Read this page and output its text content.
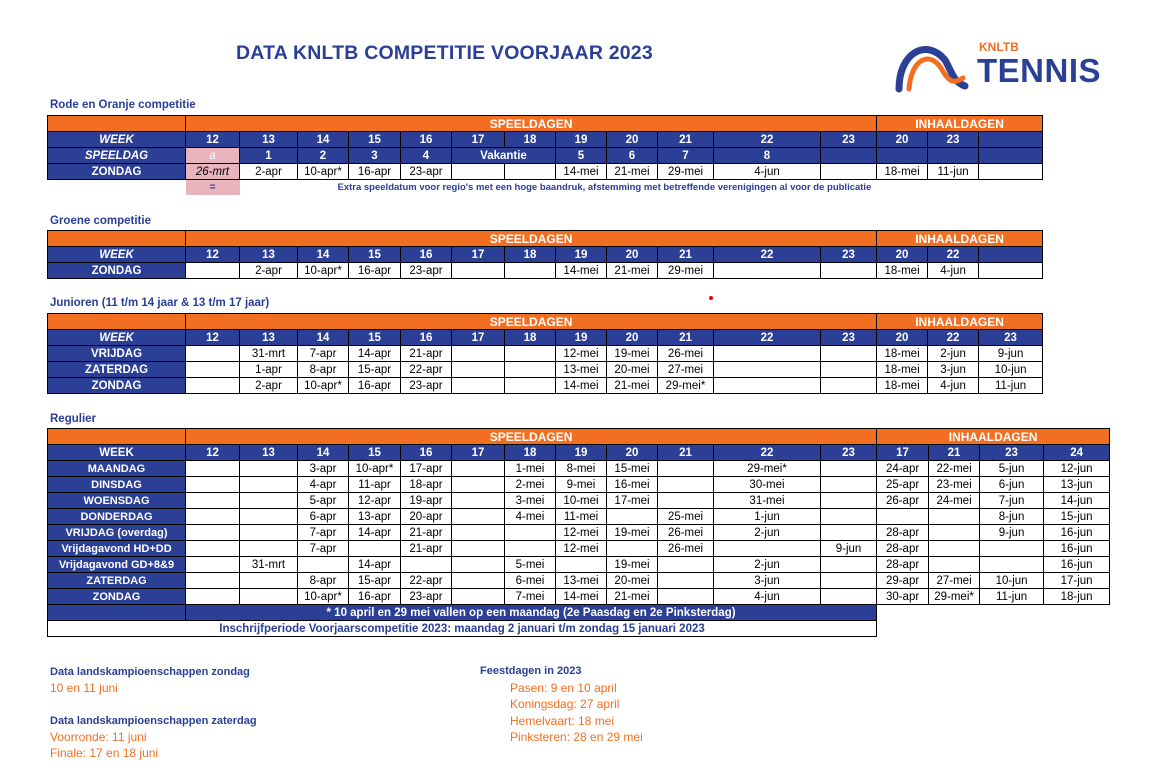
DATA KNLTB COMPETITIE VOORJAAR 2023	KNLTB
TENNIS
Rode en Oranje competitie
	SPEELDAGEN												INHAALDAGEN		
WEEK	12	13	14	15	16	17	18	19	20	21	22	23	20	23	
SPEELDAG	a	1	2	3	4	Vakantie		5	6	7	8				
ZONDAG	26-mrt	2-apr	10-apr*	16-apr	23-apr			14-mei	21-mei	29-mei	4-jun		18-mei	11-jun	
	=	Extra speeldatum voor regio's met een hoge baandruk, afstemming met betreffende verenigingen al voor de publicatie													
Groene competitie
	SPEELDAGEN												INHAALDAGEN		
WEEK	12	13	14	15	16	17	18	19	20	21	22	23	20	22	
ZONDAG		2-apr	10-apr*	16-apr	23-apr			14-mei	21-mei	29-mei			18-mei	4-jun	
Junioren (11 t/m 14 jaar & 13 t/m 17 jaar)
	SPEELDAGEN												INHAALDAGEN		
WEEK	12	13	14	15	16	17	18	19	20	21	22	23	20	22	23
VRIJDAG		31-mrt	7-apr	14-apr	21-apr			12-mei	19-mei	26-mei			18-mei	2-jun	9-jun
ZATERDAG		1-apr	8-apr	15-apr	22-apr			13-mei	20-mei	27-mei			18-mei	3-jun	10-jun
ZONDAG		2-apr	10-apr*	16-apr	23-apr			14-mei	21-mei	29-mei*			18-mei	4-jun	11-jun
Regulier
	SPEELDAGEN												INHAALDAGEN			
WEEK	12	13	14	15	16	17	18	19	20	21	22	23	17	21	23	24
MAANDAG			3-apr	10-apr*	17-apr		1-mei	8-mei	15-mei		29-mei*		24-apr	22-mei	5-jun	12-jun
DINSDAG			4-apr	11-apr	18-apr		2-mei	9-mei	16-mei		30-mei		25-apr	23-mei	6-jun	13-jun
WOENSDAG			5-apr	12-apr	19-apr		3-mei	10-mei	17-mei		31-mei		26-apr	24-mei	7-jun	14-jun
DONDERDAG			6-apr	13-apr	20-apr		4-mei	11-mei		25-mei	1-jun				8-jun	15-jun
VRIJDAG (overdag)			7-apr	14-apr	21-apr			12-mei	19-mei	26-mei	2-jun		28-apr		9-jun	16-jun
Vrijdagavond HD+DD			7-apr		21-apr			12-mei		26-mei		9-jun	28-apr			16-jun
Vrijdagavond GD+8&9		31-mrt		14-apr			5-mei		19-mei		2-jun		28-apr			16-jun
ZATERDAG			8-apr	15-apr	22-apr		6-mei	13-mei	20-mei		3-jun		29-apr	27-mei	10-jun	17-jun
ZONDAG			10-apr*	16-apr	23-apr		7-mei	14-mei	21-mei		4-jun		30-apr	29-mei*	11-jun	18-jun
	* 10 april en 29 mei vallen op een maandag (2e Paasdag en 2e Pinksterdag)															
Inschrijfperiode Voorjaarscompetitie 2023: maandag 2 januari t/m zondag 15 januari 2023																
Data landskampioenschappen zondag
10 en 11 juni
Data landskampioenschappen zaterdag
Voorronde: 11 juni
Finale: 17 en 18 juni
Feestdagen in 2023
Pasen: 9 en 10 april
Koningsdag: 27 april
Hemelvaart: 18 mei
Pinksteren: 28 en 29 mei
